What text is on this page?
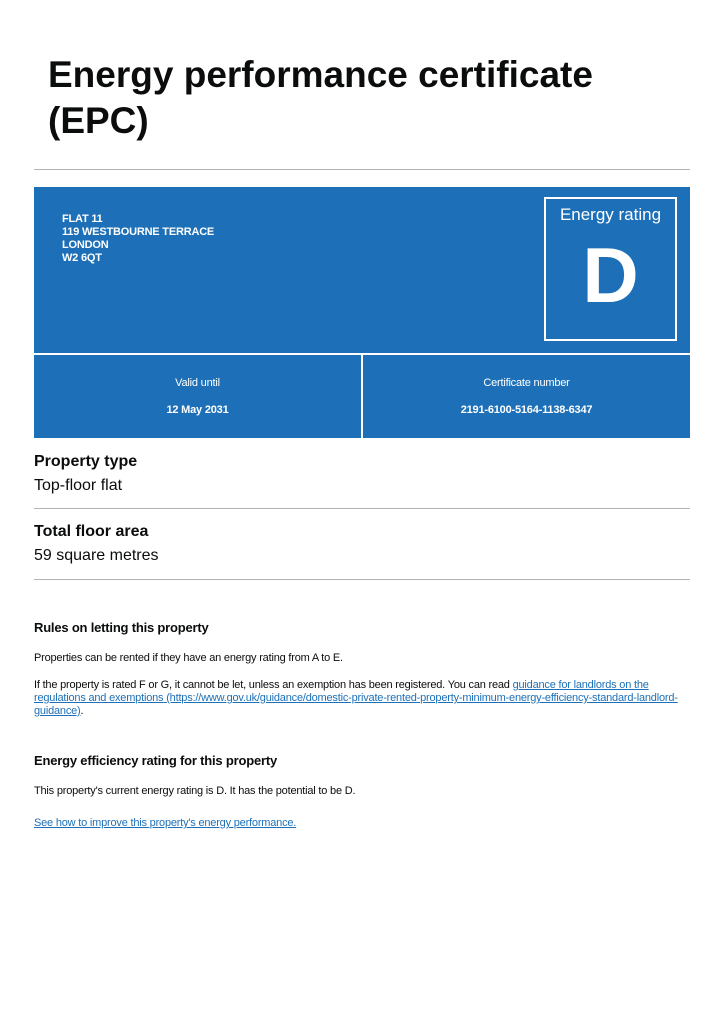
Energy performance certificate
(EPC)
FLAT 11
119 WESTBOURNE TERRACE
LONDON
W2 6QT
Energy rating
D
Valid until
12 May 2031
Certificate number
2191-6100-5164-1138-6347

Property type

Top-floor flat

Total floor area

59 square metres

Rules on letting this property

Properties can be rented if they have an energy rating from A to E.

If the property is rated F or G, it cannot be let, unless an exemption has been registered. You can read guidance for landlords on the regulations and exemptions (https://www.gov.uk/guidance/domestic-private-rented-property-minimum-energy-efficiency-standard-landlord-guidance).

Energy efficiency rating for this property

This property's current energy rating is D. It has the potential to be D.

See how to improve this property's energy performance.
